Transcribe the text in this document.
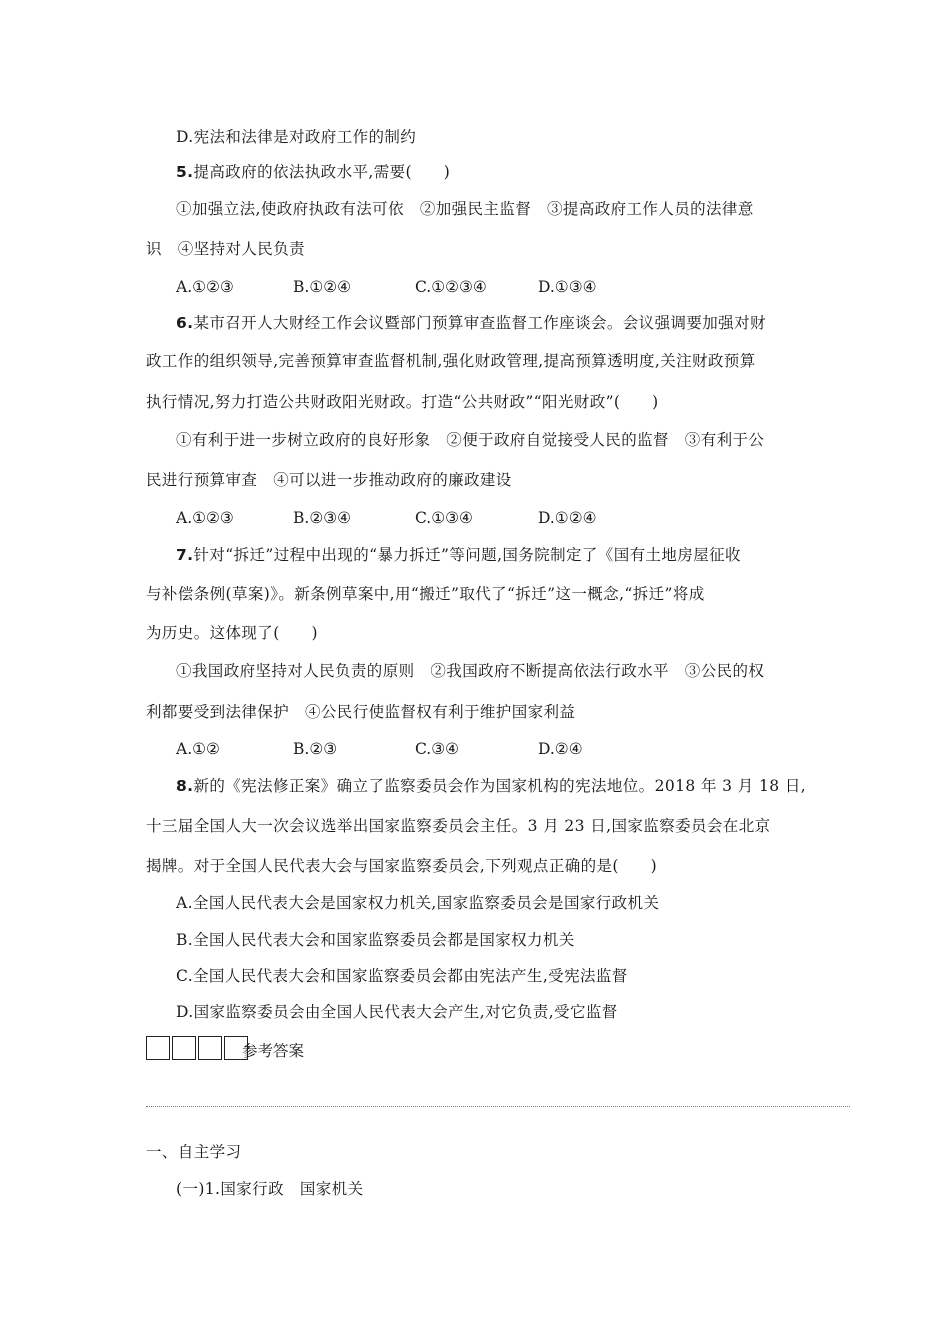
D.宪法和法律是对政府工作的制约
5.提高政府的依法执政水平,需要(　　)
①加强立法,使政府执政有法可依　②加强民主监督　③提高政府工作人员的法律意
识　④坚持对人民负责
A.①②③	B.①②④	C.①②③④	D.①③④
6.某市召开人大财经工作会议暨部门预算审查监督工作座谈会。会议强调要加强对财
政工作的组织领导,完善预算审查监督机制,强化财政管理,提高预算透明度,关注财政预算
执行情况,努力打造公共财政阳光财政。打造“公共财政”“阳光财政”(　　)
①有利于进一步树立政府的良好形象　②便于政府自觉接受人民的监督　③有利于公
民进行预算审查　④可以进一步推动政府的廉政建设
A.①②③	B.②③④	C.①③④	D.①②④
7.针对“拆迁”过程中出现的“暴力拆迁”等问题,国务院制定了《国有土地房屋征收
与补偿条例(草案)》。新条例草案中,用“搬迁”取代了“拆迁”这一概念,“拆迁”将成
为历史。这体现了(　　)
①我国政府坚持对人民负责的原则　②我国政府不断提高依法行政水平　③公民的权
利都要受到法律保护　④公民行使监督权有利于维护国家利益
A.①②	B.②③	C.③④	D.②④
8.新的《宪法修正案》确立了监察委员会作为国家机构的宪法地位。2018 年 3 月 18 日,
十三届全国人大一次会议选举出国家监察委员会主任。3 月 23 日,国家监察委员会在北京
揭牌。对于全国人民代表大会与国家监察委员会,下列观点正确的是(　　)
A.全国人民代表大会是国家权力机关,国家监察委员会是国家行政机关
B.全国人民代表大会和国家监察委员会都是国家权力机关
C.全国人民代表大会和国家监察委员会都由宪法产生,受宪法监督
D.国家监察委员会由全国人民代表大会产生,对它负责,受它监督
参考答案
一、自主学习
(一)1.国家行政　国家机关
